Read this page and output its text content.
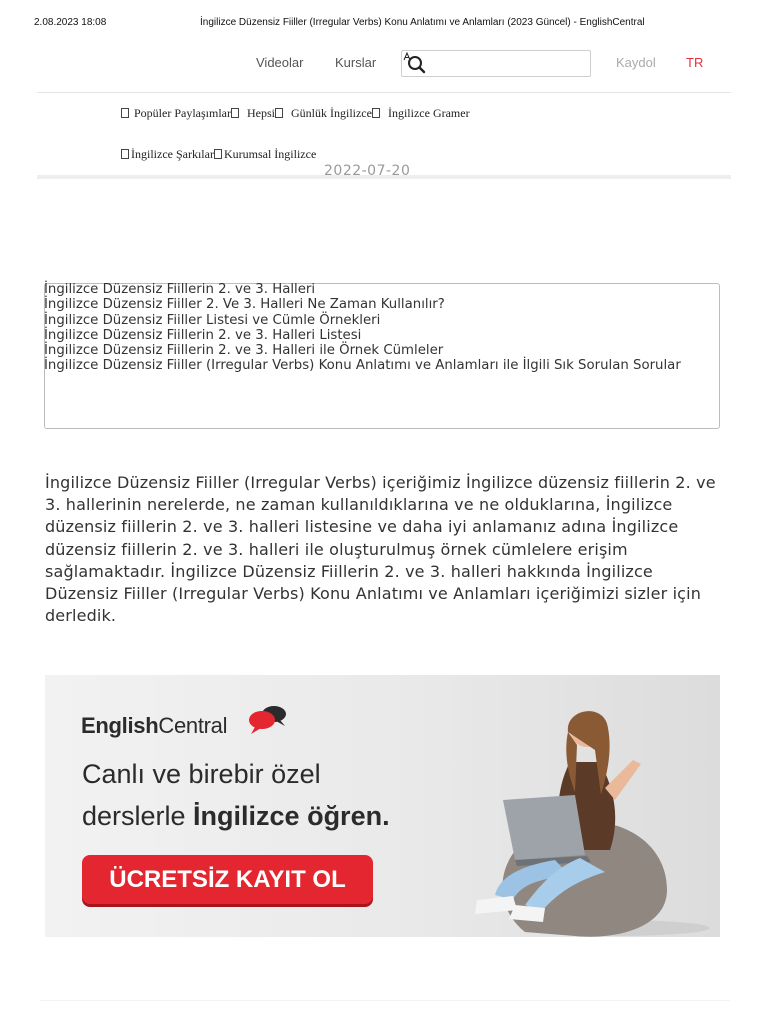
2.08.2023 18:08	İngilizce Düzensiz Fiiller (Irregular Verbs) Konu Anlatımı ve Anlamları (2023 Güncel) - EnglishCentral
Videolar Kurslar	Kaydol TR
Popüler Paylaşımlar Hepsi Günlük İngilizce İngilizce Gramer
İngilizce Şarkılar Kurumsal İngilizce
2022-07-20
İngilizce Düzensiz Fiillerin 2. ve 3. Halleri
İngilizce Düzensiz Fiiller 2. Ve 3. Halleri Ne Zaman Kullanılır?
İngilizce Düzensiz Fiiller Listesi ve Cümle Örnekleri
İngilizce Düzensiz Fiillerin 2. ve 3. Halleri Listesi
İngilizce Düzensiz Fiillerin 2. ve 3. Halleri ile Örnek Cümleler
İngilizce Düzensiz Fiiller (Irregular Verbs) Konu Anlatımı ve Anlamları ile İlgili Sık Sorulan Sorular

İngilizce Düzensiz Fiiller (Irregular Verbs) içeriğimiz İngilizce düzensiz fiillerin 2. ve 3. hallerinin nerelerde, ne zaman kullanıldıklarına ve ne olduklarına, İngilizce düzensiz fiillerin 2. ve 3. halleri listesine ve daha iyi anlamanız adına İngilizce düzensiz fiillerin 2. ve 3. halleri ile oluşturulmuş örnek cümlelere erişim sağlamaktadır. İngilizce Düzensiz Fiillerin 2. ve 3. halleri hakkında İngilizce Düzensiz Fiiller (Irregular Verbs) Konu Anlatımı ve Anlamları içeriğimizi sizler için derledik.

EnglishCentral
Canlı ve birebir özel
derslerle İngilizce öğren.
ÜCRETSİZ KAYIT OL
